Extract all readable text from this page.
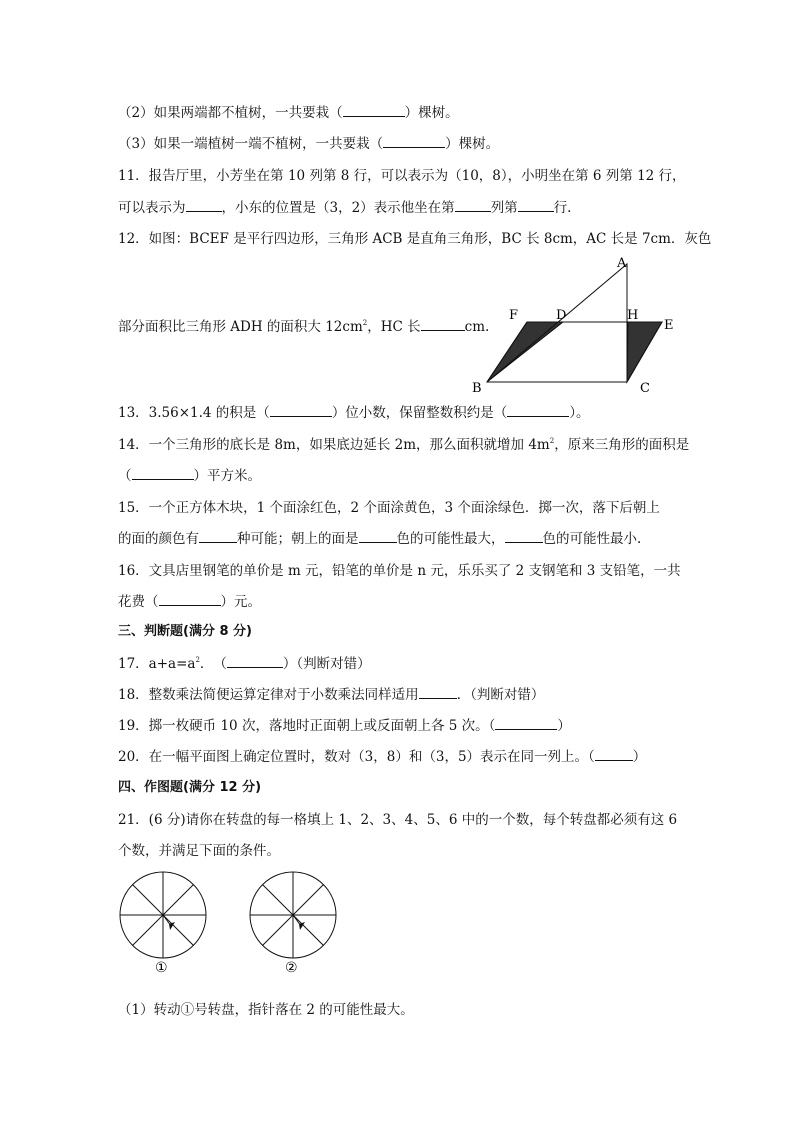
（2）如果两端都不植树，一共要栽（	）棵树。
（3）如果一端植树一端不植树，一共要栽（	）棵树。
11．报告厅里，小芳坐在第 10 列第 8 行，可以表示为（10，8），小明坐在第 6 列第 12 行，
可以表示为	，小东的位置是（3，2）表示他坐在第	列第	行.
12．如图：BCEF 是平行四边形，三角形 ACB 是直角三角形，BC 长 8cm，AC 长是 7cm．灰色
部分面积比三角形 ADH 的面积大 $12cm^2$，HC 长	cm.
A
F	D	H
E
B	C
13．3.56×1.4 的积是（	）位小数，保留整数积约是（	）。
14．一个三角形的底长是 8m，如果底边延长 2m，那么面积就增加 $4m^2$，原来三角形的面积是
（	）平方米。
15．一个正方体木块，1 个面涂红色，2 个面涂黄色，3 个面涂绿色．掷一次，落下后朝上
的面的颜色有	种可能；朝上的面是	色的可能性最大，	色的可能性最小.
16．文具店里钢笔的单价是 m 元，铅笔的单价是 n 元，乐乐买了 2 支钢笔和 3 支铅笔，一共
花费（	）元。
三、判断题(满分 8 分)
17．$a+a=a^2$．　（	）（判断对错）
18．整数乘法简便运算定律对于小数乘法同样适用	．（判断对错）
19．掷一枚硬币 10 次，落地时正面朝上或反面朝上各 5 次。（	）
20．在一幅平面图上确定位置时，数对（3，8）和（3，5）表示在同一列上。（	）
四、作图题(满分 12 分)
21．(6 分)请你在转盘的每一格填上 1、2、3、4、5、6 中的一个数，每个转盘都必须有这 6
个数，并满足下面的条件。
①	②
（1）转动①号转盘，指针落在 2 的可能性最大。
